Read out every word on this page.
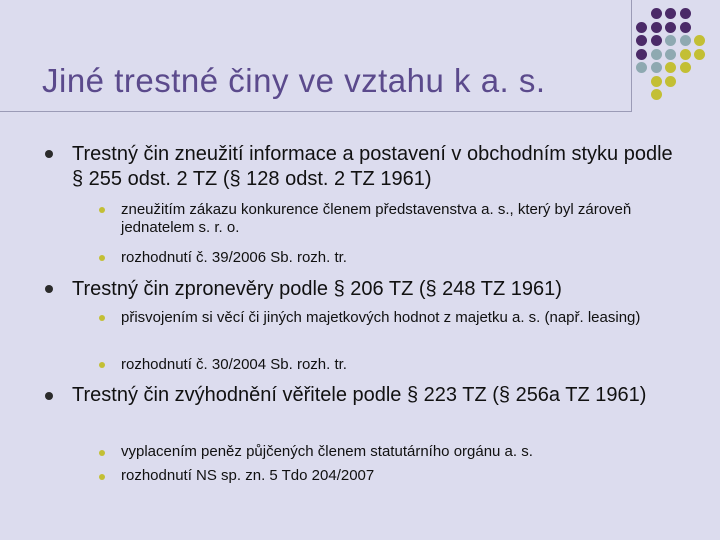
Jiné trestné činy ve vztahu k a. s.
Trestný čin zneužití informace a postavení v obchodním styku podle § 255 odst. 2 TZ (§ 128 odst. 2 TZ 1961)
zneužitím zákazu konkurence členem představenstva a. s., který byl zároveň jednatelem s. r. o.
rozhodnutí č. 39/2006 Sb. rozh. tr.
Trestný čin zpronevěry podle § 206 TZ (§ 248 TZ 1961)
přisvojením si věcí či jiných majetkových hodnot z majetku a. s. (např. leasing)
rozhodnutí č. 30/2004 Sb. rozh. tr.
Trestný čin zvýhodnění věřitele podle § 223 TZ (§ 256a TZ 1961)
vyplacením peněz půjčených členem statutárního orgánu a. s.
rozhodnutí NS sp. zn. 5 Tdo 204/2007
